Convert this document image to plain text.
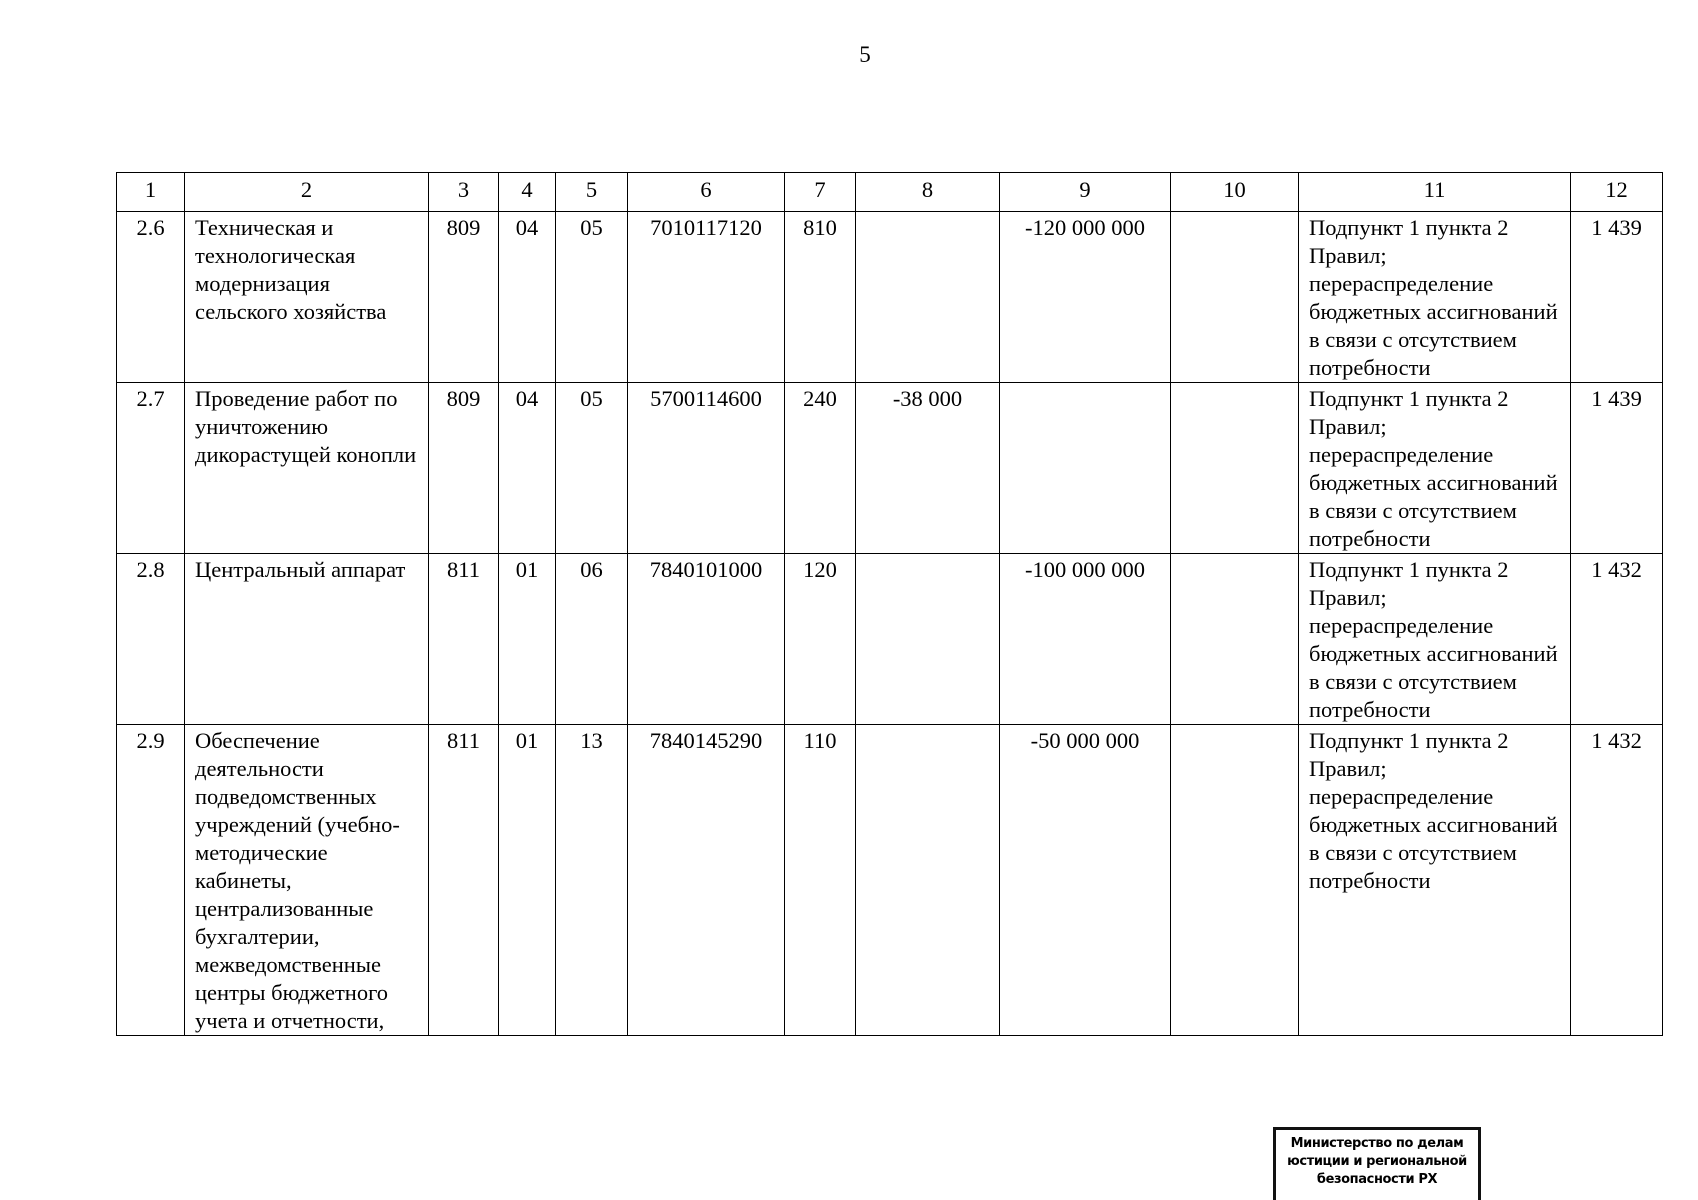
5
1	2	3	4	5	6	7	8	9	10	11	12
2.6	Техническая и технологическая модернизация сельского хозяйства	809	04	05	7010117120	810		-120 000 000		Подпункт 1 пункта 2 Правил; перераспределение бюджетных ассигнований в связи с отсутствием потребности	1 439
2.7	Проведение работ по уничтожению дикорастущей конопли	809	04	05	5700114600	240	-38 000			Подпункт 1 пункта 2 Правил; перераспределение бюджетных ассигнований в связи с отсутствием потребности	1 439
2.8	Центральный аппарат	811	01	06	7840101000	120		-100 000 000		Подпункт 1 пункта 2 Правил; перераспределение бюджетных ассигнований в связи с отсутствием потребности	1 432
2.9	Обеспечение деятельности подведомственных учреждений (учебно-методические кабинеты, централизованные бухгалтерии, межведомственные центры бюджетного учета и отчетности,	811	01	13	7840145290	110		-50 000 000		Подпункт 1 пункта 2 Правил; перераспределение бюджетных ассигнований в связи с отсутствием потребности	1 432
Министерство по делам
юстиции и региональной
безопасности РХ
